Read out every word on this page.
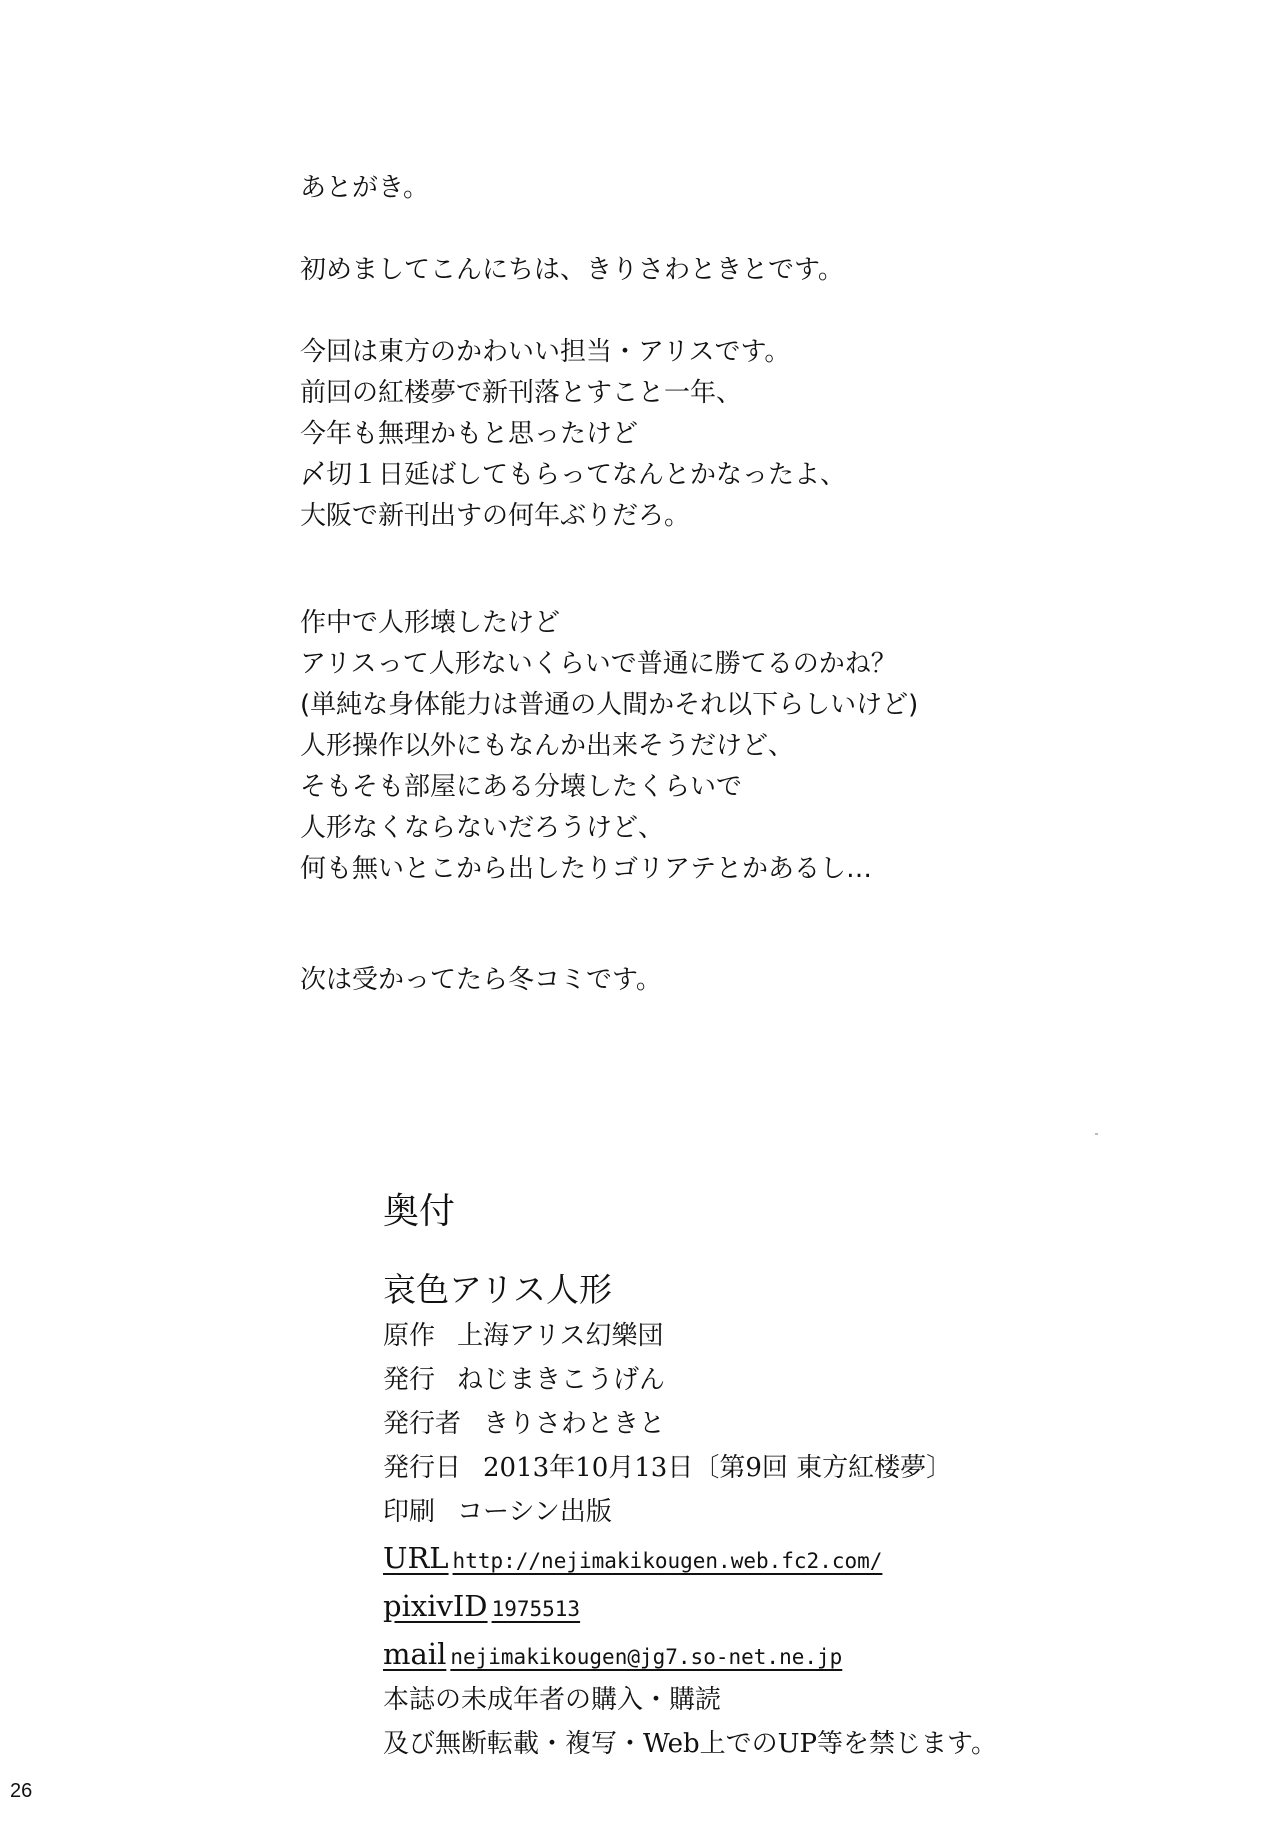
あとがき。
初めましてこんにちは、きりさわときとです。
今回は東方のかわいい担当・アリスです。
前回の紅楼夢で新刊落とすこと一年、
今年も無理かもと思ったけど
〆切１日延ばしてもらってなんとかなったよ、
大阪で新刊出すの何年ぶりだろ。
作中で人形壊したけど
アリスって人形ないくらいで普通に勝てるのかね？
(単純な身体能力は普通の人間かそれ以下らしいけど)
人形操作以外にもなんか出来そうだけど、
そもそも部屋にある分壊したくらいで
人形なくならないだろうけど、
何も無いとこから出したりゴリアテとかあるし…
次は受かってたら冬コミです。
奥付
哀色アリス人形
原作 上海アリス幻樂団
発行 ねじまきこうげん
発行者 きりさわときと
発行日 2013年10月13日〔第9回 東方紅楼夢〕
印刷 コーシン出版
URL http://nejimakikougen.web.fc2.com/
pixivID 1975513
mail nejimakikougen@jg7.so-net.ne.jp
本誌の未成年者の購入・購読
及び無断転載・複写・Web上でのUP等を禁じます。
26
